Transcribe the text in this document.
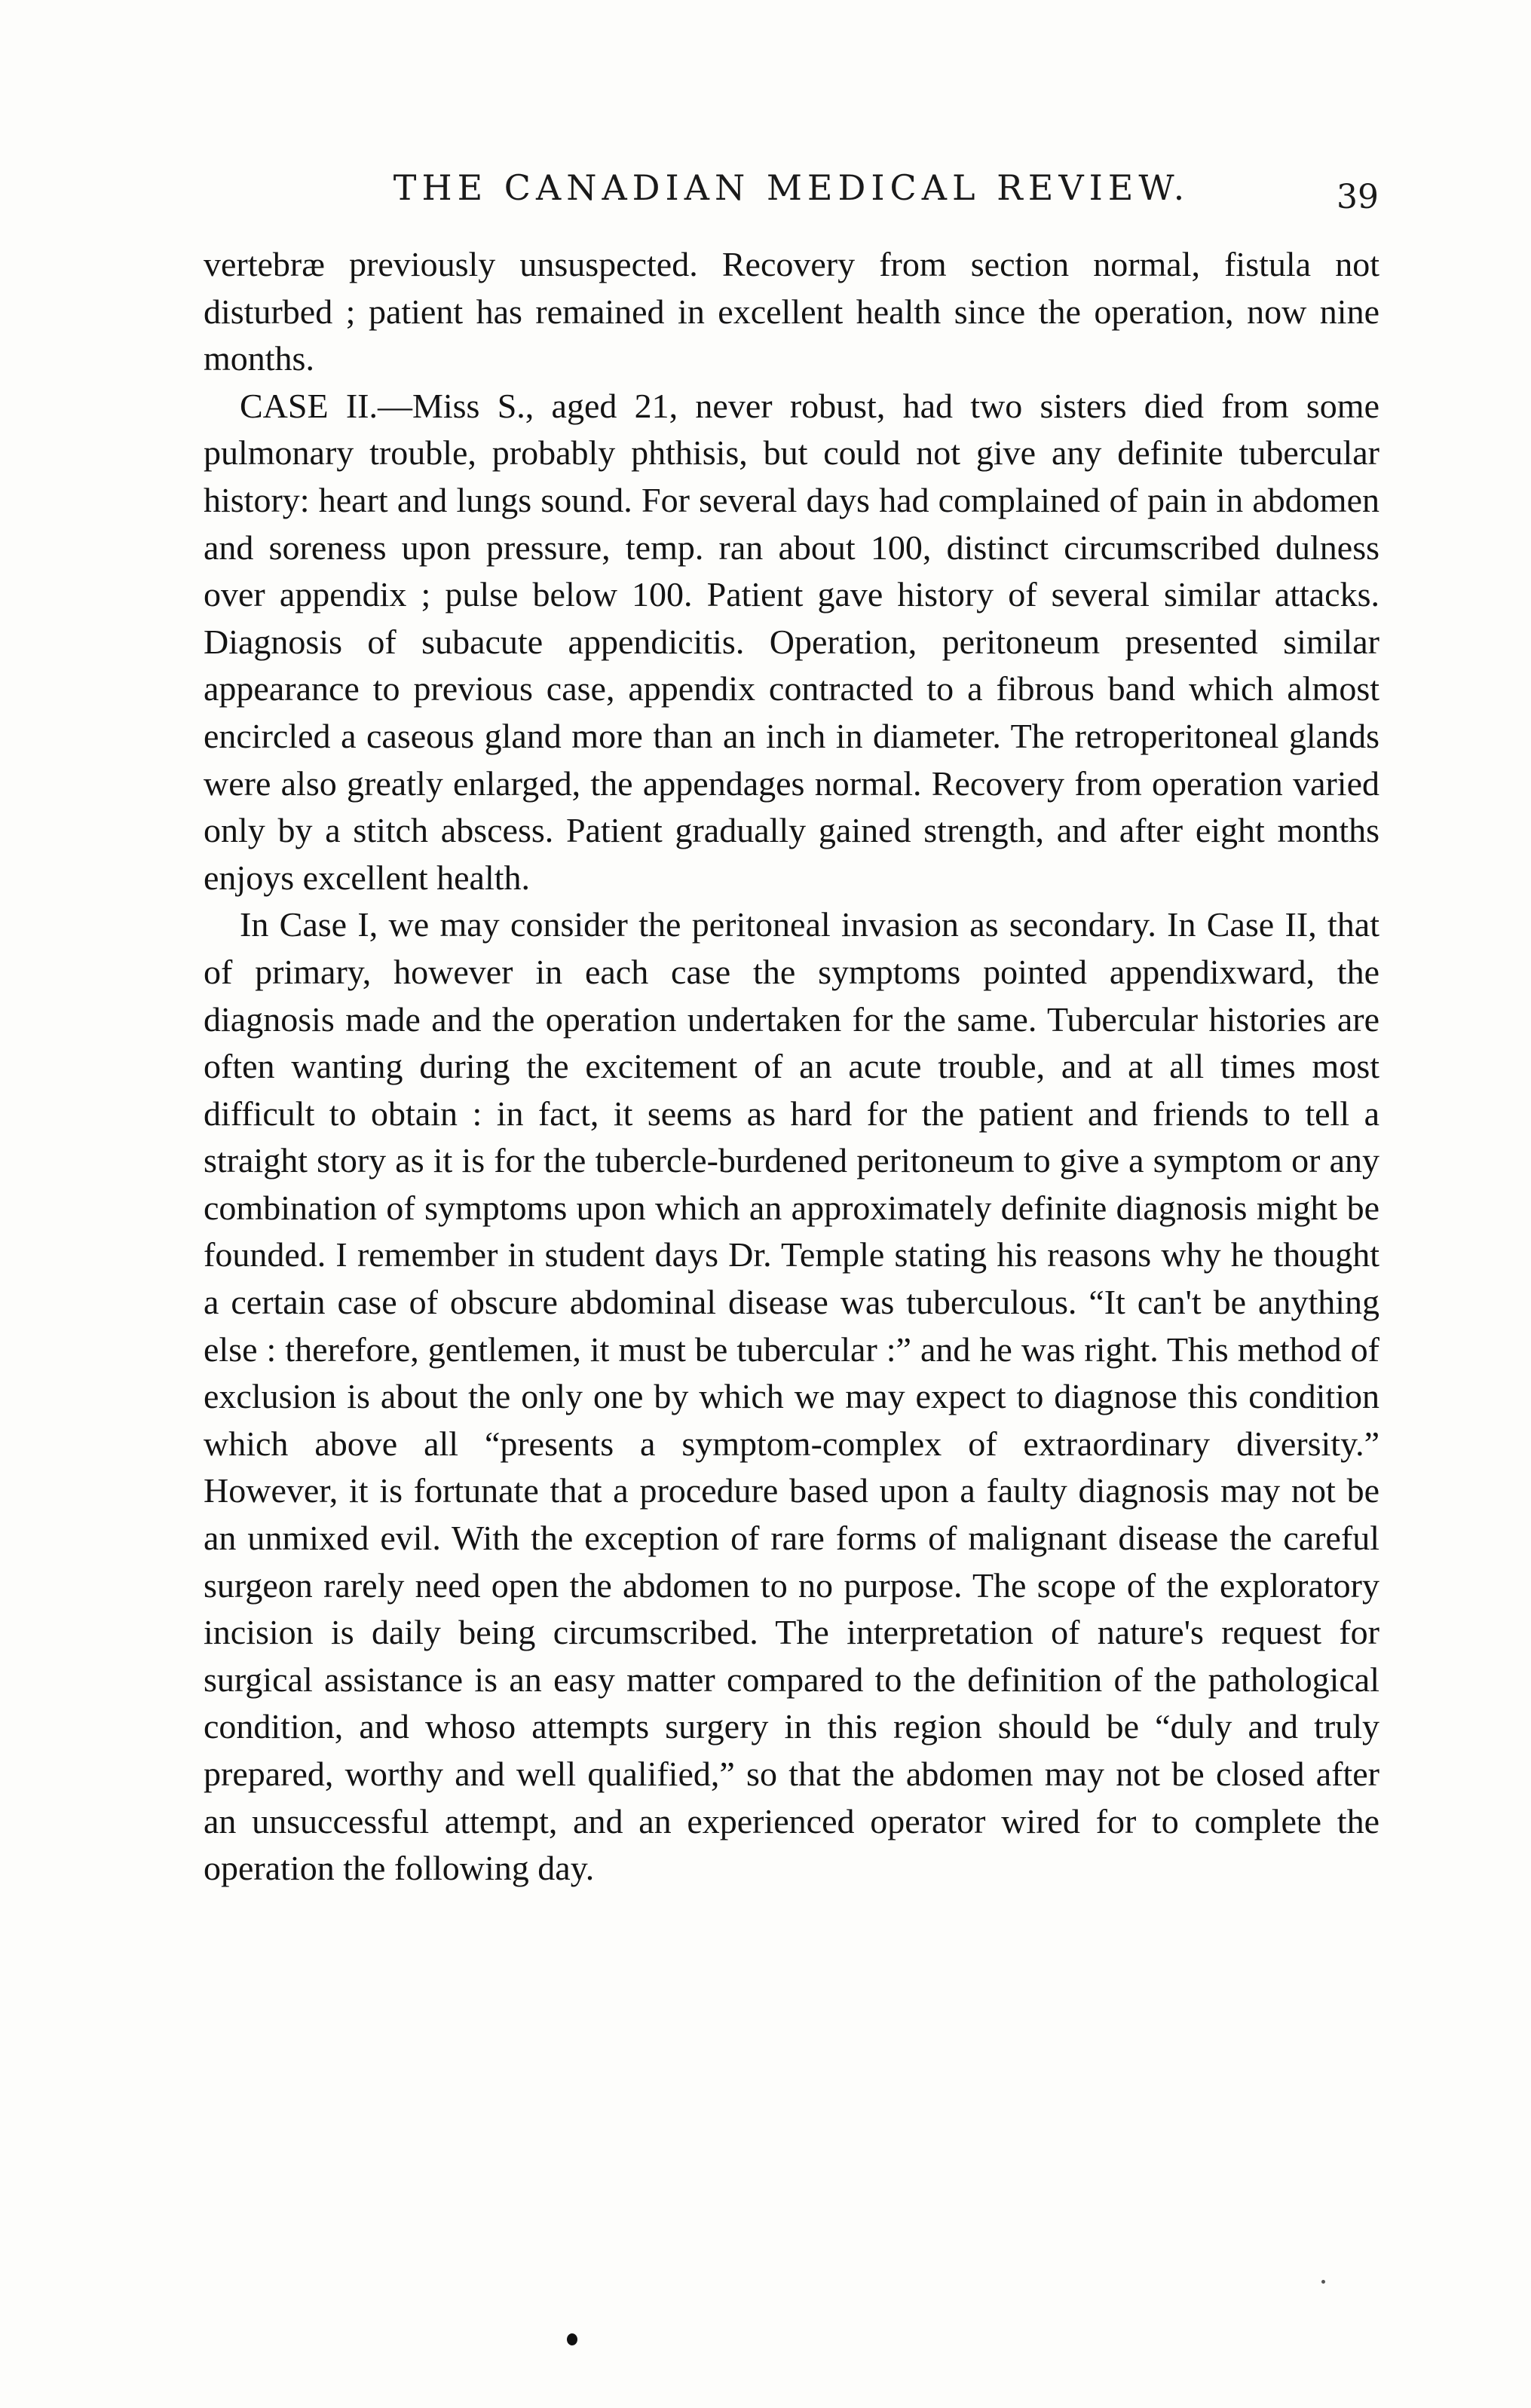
THE CANADIAN MEDICAL REVIEW.	39

vertebræ previously unsuspected. Recovery from section normal, fistula not disturbed ; patient has remained in excellent health since the operation, now nine months.

CASE II.—Miss S., aged 21, never robust, had two sisters died from some pulmonary trouble, probably phthisis, but could not give any definite tubercular history: heart and lungs sound. For several days had complained of pain in abdomen and soreness upon pressure, temp. ran about 100, distinct circumscribed dulness over appendix ; pulse below 100. Patient gave history of several similar attacks. Diagnosis of subacute appendicitis. Operation, peritoneum presented similar appearance to previous case, appendix contracted to a fibrous band which almost encircled a caseous gland more than an inch in diameter. The retroperitoneal glands were also greatly enlarged, the appendages normal. Recovery from operation varied only by a stitch abscess. Patient gradually gained strength, and after eight months enjoys excellent health.

In Case I, we may consider the peritoneal invasion as secondary. In Case II, that of primary, however in each case the symptoms pointed appendixward, the diagnosis made and the operation undertaken for the same. Tubercular histories are often wanting during the excitement of an acute trouble, and at all times most difficult to obtain : in fact, it seems as hard for the patient and friends to tell a straight story as it is for the tubercle-burdened peritoneum to give a symptom or any combination of symptoms upon which an approximately definite diagnosis might be founded. I remember in student days Dr. Temple stating his reasons why he thought a certain case of obscure abdominal disease was tuberculous. “It can't be anything else : therefore, gentlemen, it must be tubercular :” and he was right. This method of exclusion is about the only one by which we may expect to diagnose this condition which above all “presents a symptom-complex of extraordinary diversity.” However, it is fortunate that a procedure based upon a faulty diagnosis may not be an unmixed evil. With the exception of rare forms of malignant disease the careful surgeon rarely need open the abdomen to no purpose. The scope of the exploratory incision is daily being circumscribed. The interpretation of nature's request for surgical assistance is an easy matter compared to the definition of the pathological condition, and whoso attempts surgery in this region should be “duly and truly prepared, worthy and well qualified,” so that the abdomen may not be closed after an unsuccessful attempt, and an experienced operator wired for to complete the operation the following day.
